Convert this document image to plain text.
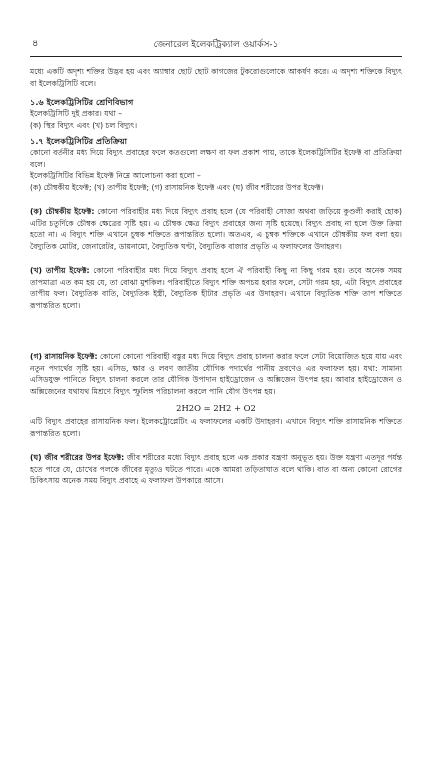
৪	জেনারেল ইলেকট্রিক্যাল ওয়ার্কস-১

মধ্যে একটি অদৃশ্য শক্তির উদ্ভব হয় এবং অ্যাম্বার ছোট ছোট কাগজের টুকরোগুলোকে আকর্ষণ করে। এ অদৃশ্য শক্তিকে বিদ্যুৎ বা ইলেকট্রিসিটি বলে।

১.৬ ইলেকট্রিসিটির শ্রেণিবিভাগ

ইলেকট্রিসিটি দুই প্রকার। যথা –

(ক) স্থির বিদ্যুৎ এবং (খ) চল বিদ্যুৎ।

১.৭ ইলেকট্রিসিটির প্রতিক্রিয়া

কোনো বর্তনীর মধ্য দিয়ে বিদ্যুৎ প্রবাহের ফলে কতগুলো লক্ষণ বা ফল প্রকাশ পায়, তাকে ইলেকট্রিসিটির ইফেক্ট বা প্রতিক্রিয়া বলে।

ইলেকট্রিসিটির বিভিন্ন ইফেক্ট নিম্নে আলোচনা করা হলো –

(ক) চৌম্বকীয় ইফেক্ট; (খ) তাপীয় ইফেক্ট; (গ) রাসায়নিক ইফেক্ট এবং (ঘ) জীব শরীরের উপর ইফেক্ট।

(ক) চৌম্বকীয় ইফেক্ট: কোনো পরিবাহীর মধ্য দিয়ে বিদ্যুৎ প্রবাহ হলে (যে পরিবাহী সোজা অথবা জড়িয়ে কুণ্ডলী করাই হোক) এটির চতুর্দিকে চৌম্বক ক্ষেত্রের সৃষ্টি হয়। এ চৌম্বক ক্ষেত্র বিদ্যুৎ প্রবাহের জন্য সৃষ্টি হয়েছে। বিদ্যুৎ প্রবাহ না হলে উক্ত ক্রিয়া হতো না। এ বিদ্যুৎ শক্তি এখানে চুম্বক শক্তিতে রূপান্তরিত হলো। অতএব, এ চুম্বক শক্তিকে এখানে চৌম্বকীয় ফল বলা হয়। বৈদ্যুতিক মোটর, জেনারেটর, ডায়নামো, বৈদ্যুতিক ঘণ্টা, বৈদ্যুতিক বাজার প্রভৃতি এ ফলাফলের উদাহরণ।

(খ) তাপীয় ইফেক্ট: কোনো পরিবাহীর মধ্য দিয়ে বিদ্যুৎ প্রবাহ হলে ঐ পরিবাহী কিছু না কিছু গরম হয়। তবে অনেক সময় তাপমাত্রা এত কম হয় যে, তা বোঝা মুশকিল। পরিবাহীতে বিদ্যুৎ শক্তি অপচয় হবার ফলে, সেটা গরম হয়, এটা বিদ্যুৎ প্রবাহের তাপীয় ফল। বৈদ্যুতিক বাতি, বৈদ্যুতিক ইস্ত্রী, বৈদ্যুতিক হীটার প্রভৃতি এর উদাহরণ। এখানে বিদ্যুতিক শক্তি তাপ শক্তিতে রূপান্তরিত হলো।

(গ) রাসায়নিক ইফেক্ট: কোনো কোনো পরিবাহী বস্তুর মধ্য দিয়ে বিদ্যুৎ প্রবাহ চালনা করার ফলে সেটা বিয়োজিত হয়ে যায় এবং নতুন পদার্থের সৃষ্টি হয়। এসিড, ক্ষার ও লবণ জাতীয় যৌগিক পদার্থের পানীয় দ্রবণেও এর ফলাফল হয়। যথা: সামান্য এসিডযুক্ত পানিতে বিদ্যুৎ চালনা করলে তার যৌগিক উপাদান হাইড্রোজেন ও অক্সিজেন উৎপন্ন হয়। আবার হাইড্রোজেন ও অক্সিজেনের যথাযথ মিশ্রণে বিদ্যুৎ স্ফুলিঙ্গ পরিচালনা করলে পানি যৌগ উৎপন্ন হয়।

2H2O = 2H2 + O2

এটি বিদ্যুৎ প্রবাহের রাসায়নিক ফল। ইলেকট্রোপ্লেটিং এ ফলাফলের একটি উদাহরণ। এখানে বিদ্যুৎ শক্তি রাসায়নিক শক্তিতে রূপান্তরিত হলো।

(ঘ) জীব শরীরের উপর ইফেক্ট: জীব শরীরের মধ্যে বিদ্যুৎ প্রবাহ হলে এক প্রকার যন্ত্রণা অনুভূত হয়। উক্ত যন্ত্রণা এতদূর পর্যন্ত হতে পারে যে, চোখের পলকে জীবের মৃত্যুও ঘটতে পারে। একে আমরা তড়িতাঘাত বলে থাকি। বাত বা অন্য কোনো রোগের চিকিৎসায় অনেক সময় বিদ্যুৎ প্রবাহে এ ফলাফল উপকারে আসে।
